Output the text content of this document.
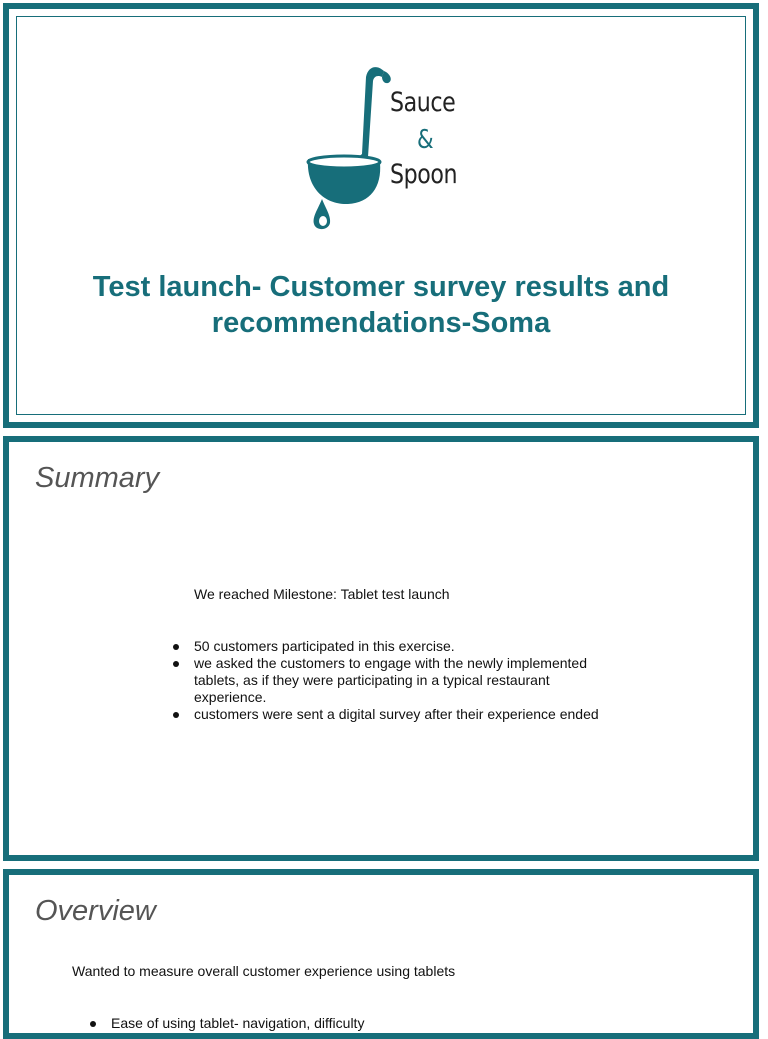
Sauce
&
Spoon
Test launch- Customer survey results and
recommendations-Soma
Summary
We reached Milestone: Tablet test launch
50 customers participated in this exercise.
we asked the customers to engage with the newly implemented tablets, as if they were participating in a typical restaurant experience.
customers were sent a digital survey after their experience ended
Overview
Wanted to measure overall customer experience using tablets
Ease of using tablet- navigation, difficulty
